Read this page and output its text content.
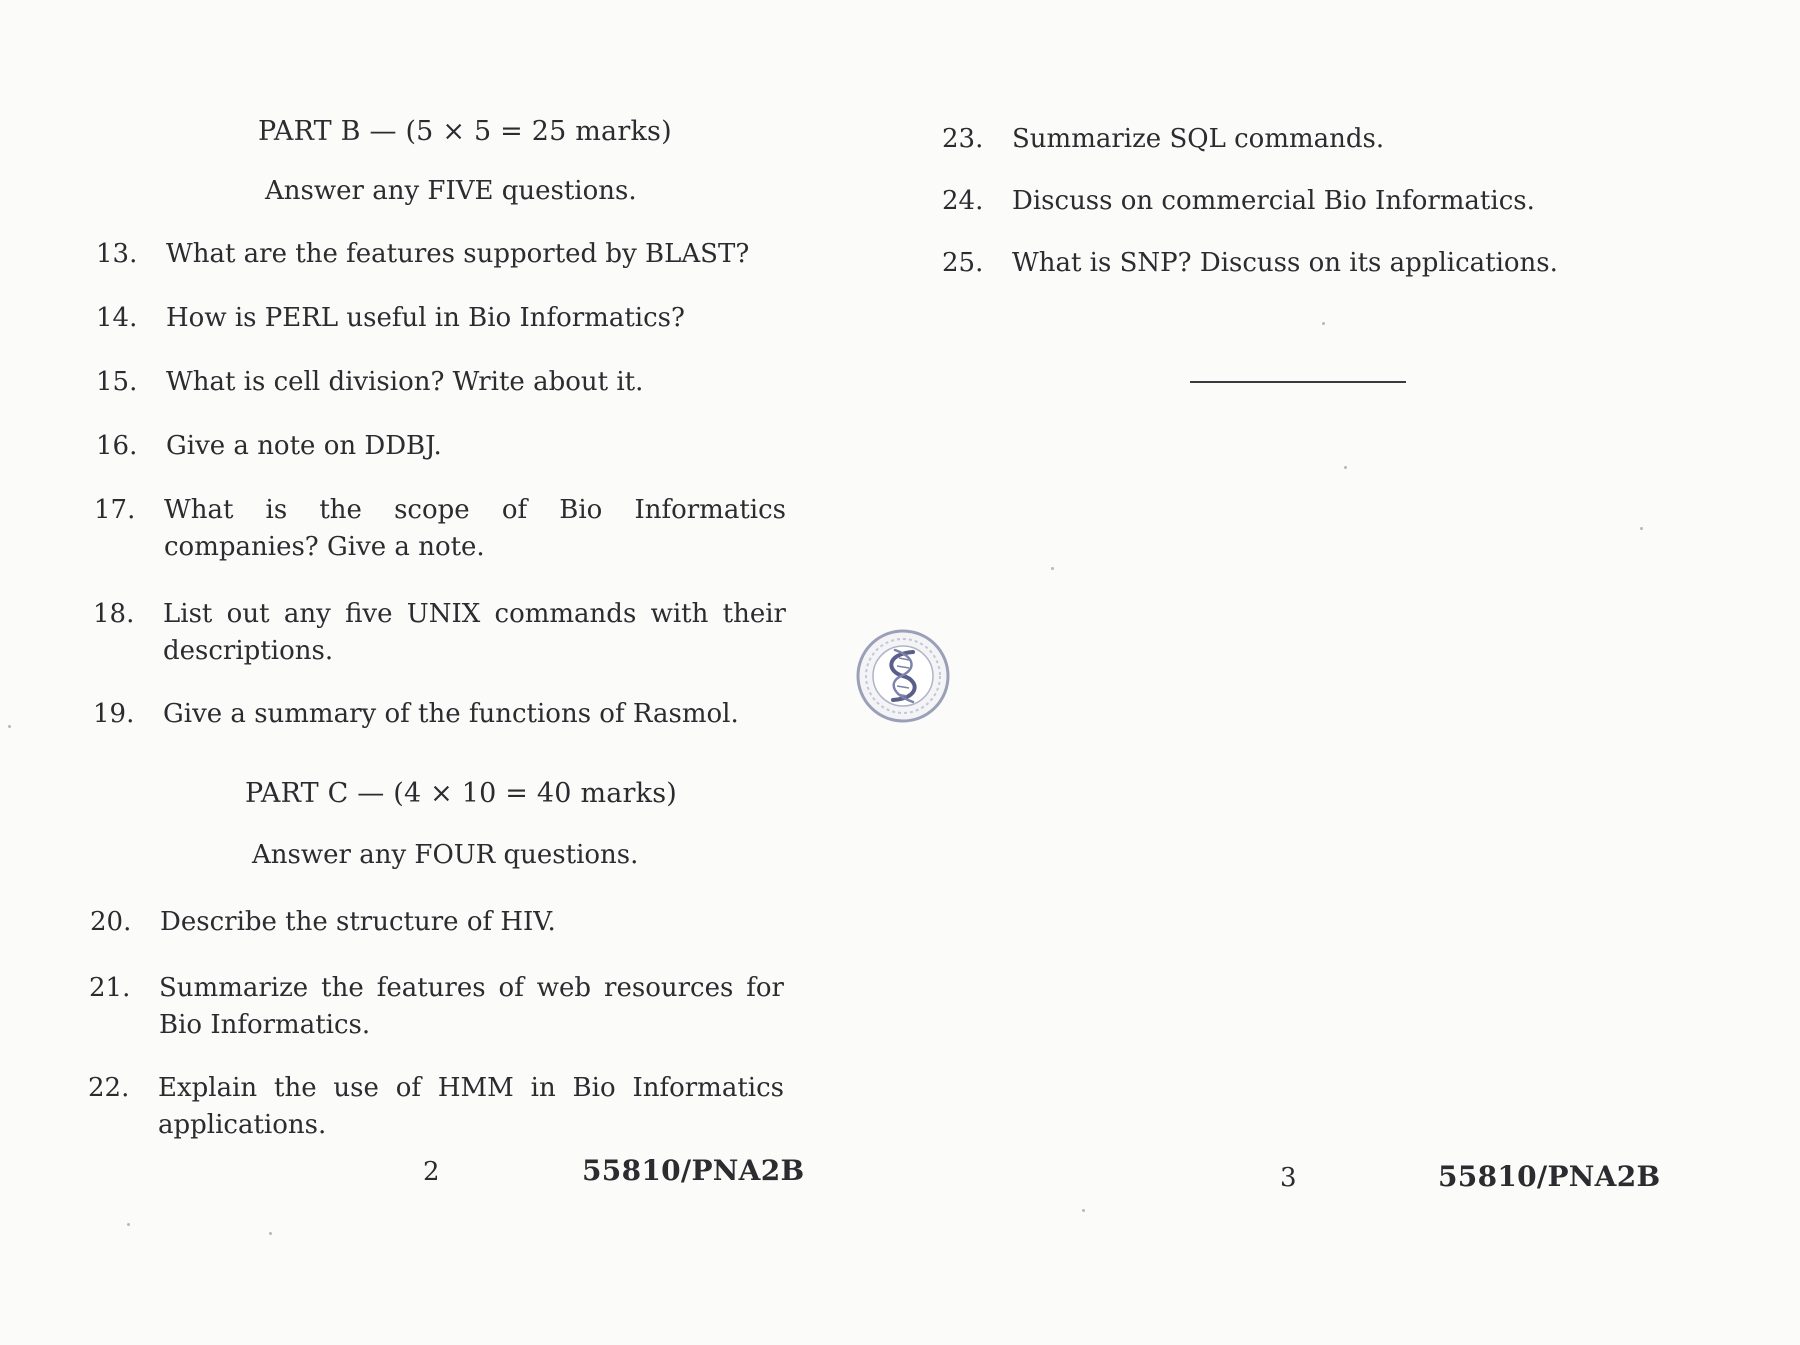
PART B — (5 × 5 = 25 marks)
Answer any FIVE questions.
13.	What are the features supported by BLAST?
14.	How is PERL useful in Bio Informatics?
15.	What is cell division? Write about it.
16.	Give a note on DDBJ.
17.	What is the scope of Bio Informatics companies? Give a note.
18.	List out any five UNIX commands with their descriptions.
19.	Give a summary of the functions of Rasmol.
PART C — (4 × 10 = 40 marks)
Answer any FOUR questions.
20.	Describe the structure of HIV.
21.	Summarize the features of web resources for Bio Informatics.
22.	Explain the use of HMM in Bio Informatics applications.
2	55810/PNA2B
23.	Summarize SQL commands.
24.	Discuss on commercial Bio Informatics.
25.	What is SNP? Discuss on its applications.
3	55810/PNA2B
